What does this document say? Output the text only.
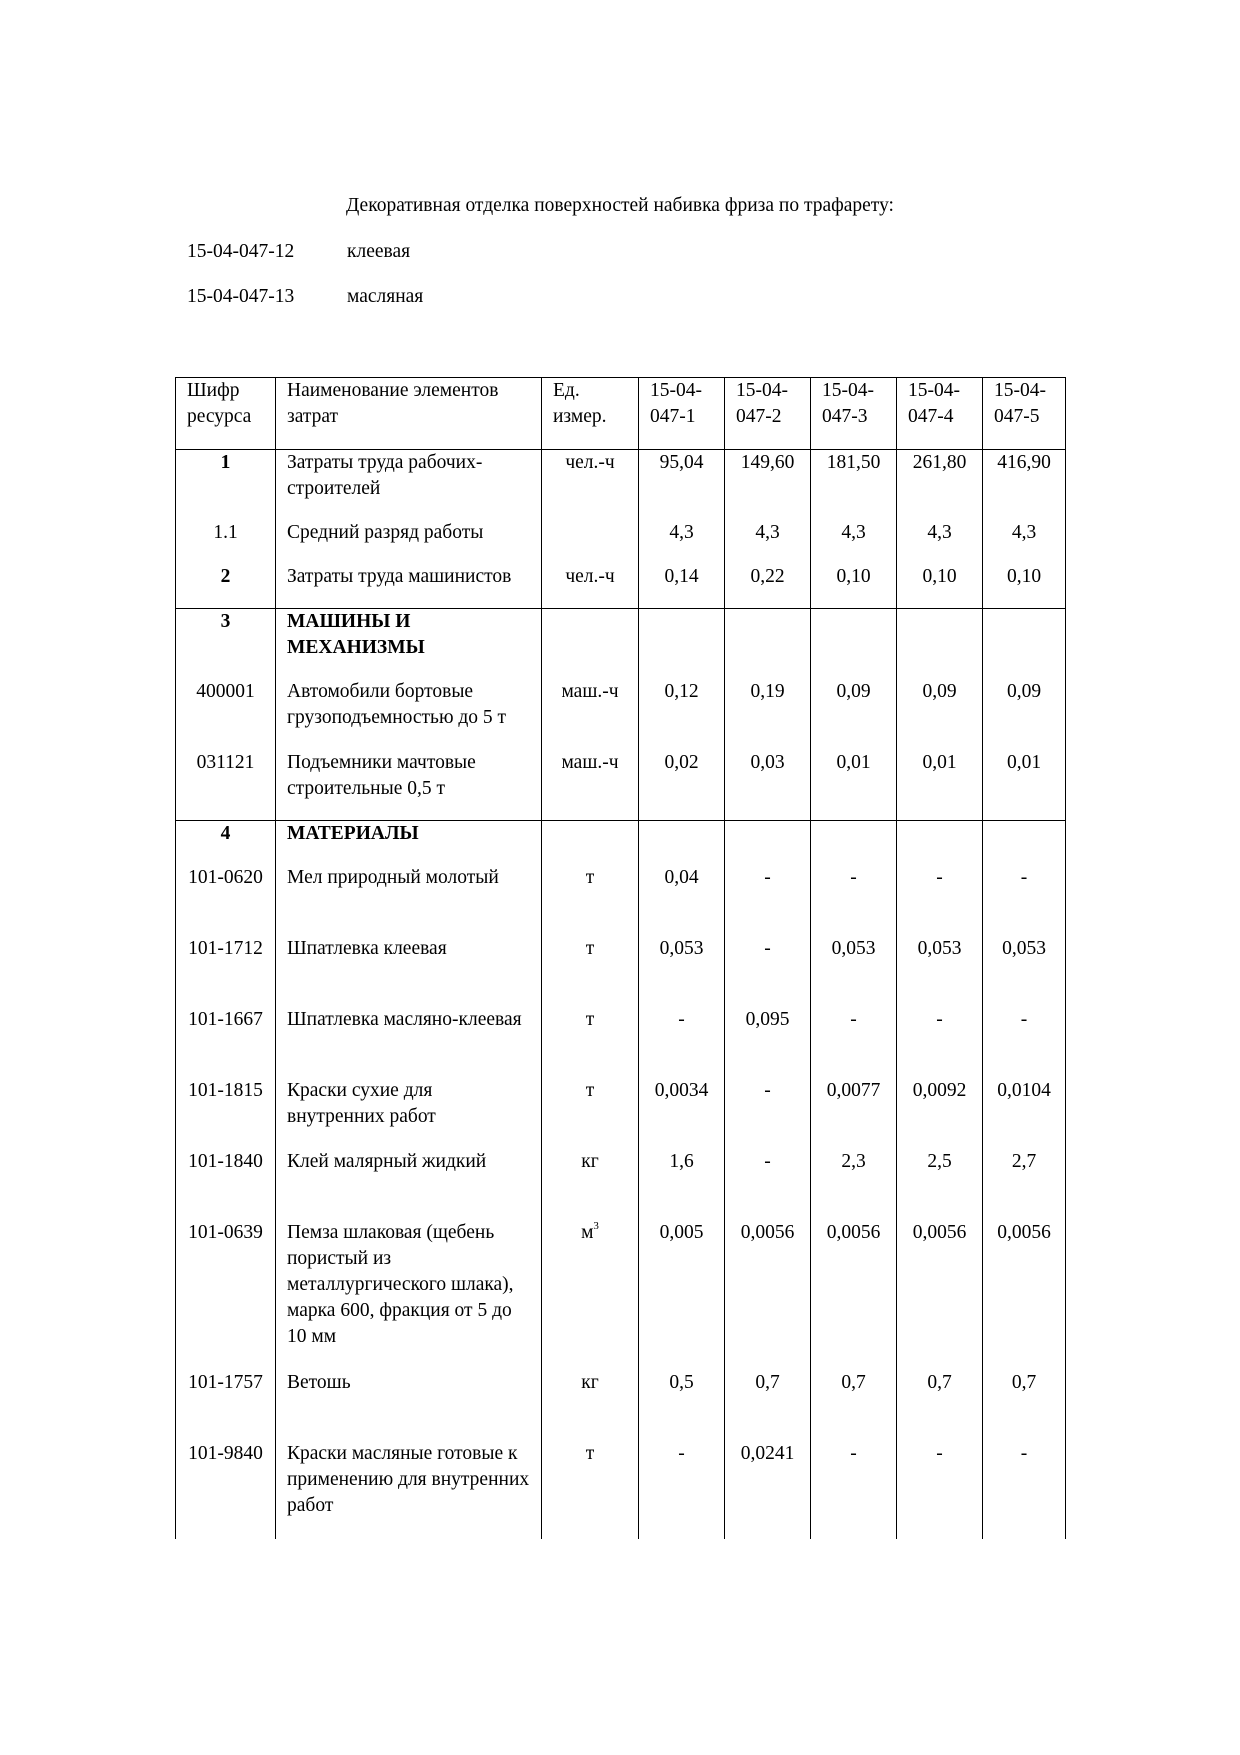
Декоративная отделка поверхностей набивка фриза по трафарету:
15-04-047-12	клеевая
15-04-047-13	масляная
Шифр ресурса	Наименование элементов затрат	Ед. измер.	15-04-047-1	15-04-047-2	15-04-047-3	15-04-047-4	15-04-047-5
1	Затраты труда рабочих-строителей	чел.-ч	95,04	149,60	181,50	261,80	416,90
1.1	Средний разряд работы		4,3	4,3	4,3	4,3	4,3
2	Затраты труда машинистов	чел.-ч	0,14	0,22	0,10	0,10	0,10
3	МАШИНЫ И МЕХАНИЗМЫ						
400001	Автомобили бортовые грузоподъемностью до 5 т	маш.-ч	0,12	0,19	0,09	0,09	0,09
031121	Подъемники мачтовые строительные 0,5 т	маш.-ч	0,02	0,03	0,01	0,01	0,01
4	МАТЕРИАЛЫ						
101-0620	Мел природный молотый	т	0,04	-	-	-	-
101-1712	Шпатлевка клеевая	т	0,053	-	0,053	0,053	0,053
101-1667	Шпатлевка масляно-клеевая	т	-	0,095	-	-	-
101-1815	Краски сухие для внутренних работ	т	0,0034	-	0,0077	0,0092	0,0104
101-1840	Клей малярный жидкий	кг	1,6	-	2,3	2,5	2,7
101-0639	Пемза шлаковая (щебень пористый из металлургического шлака), марка 600, фракция от 5 до 10 мм	$м^3$	0,005	0,0056	0,0056	0,0056	0,0056
101-1757	Ветошь	кг	0,5	0,7	0,7	0,7	0,7
101-9840	Краски масляные готовые к применению для внутренних работ	т	-	0,0241	-	-	-
